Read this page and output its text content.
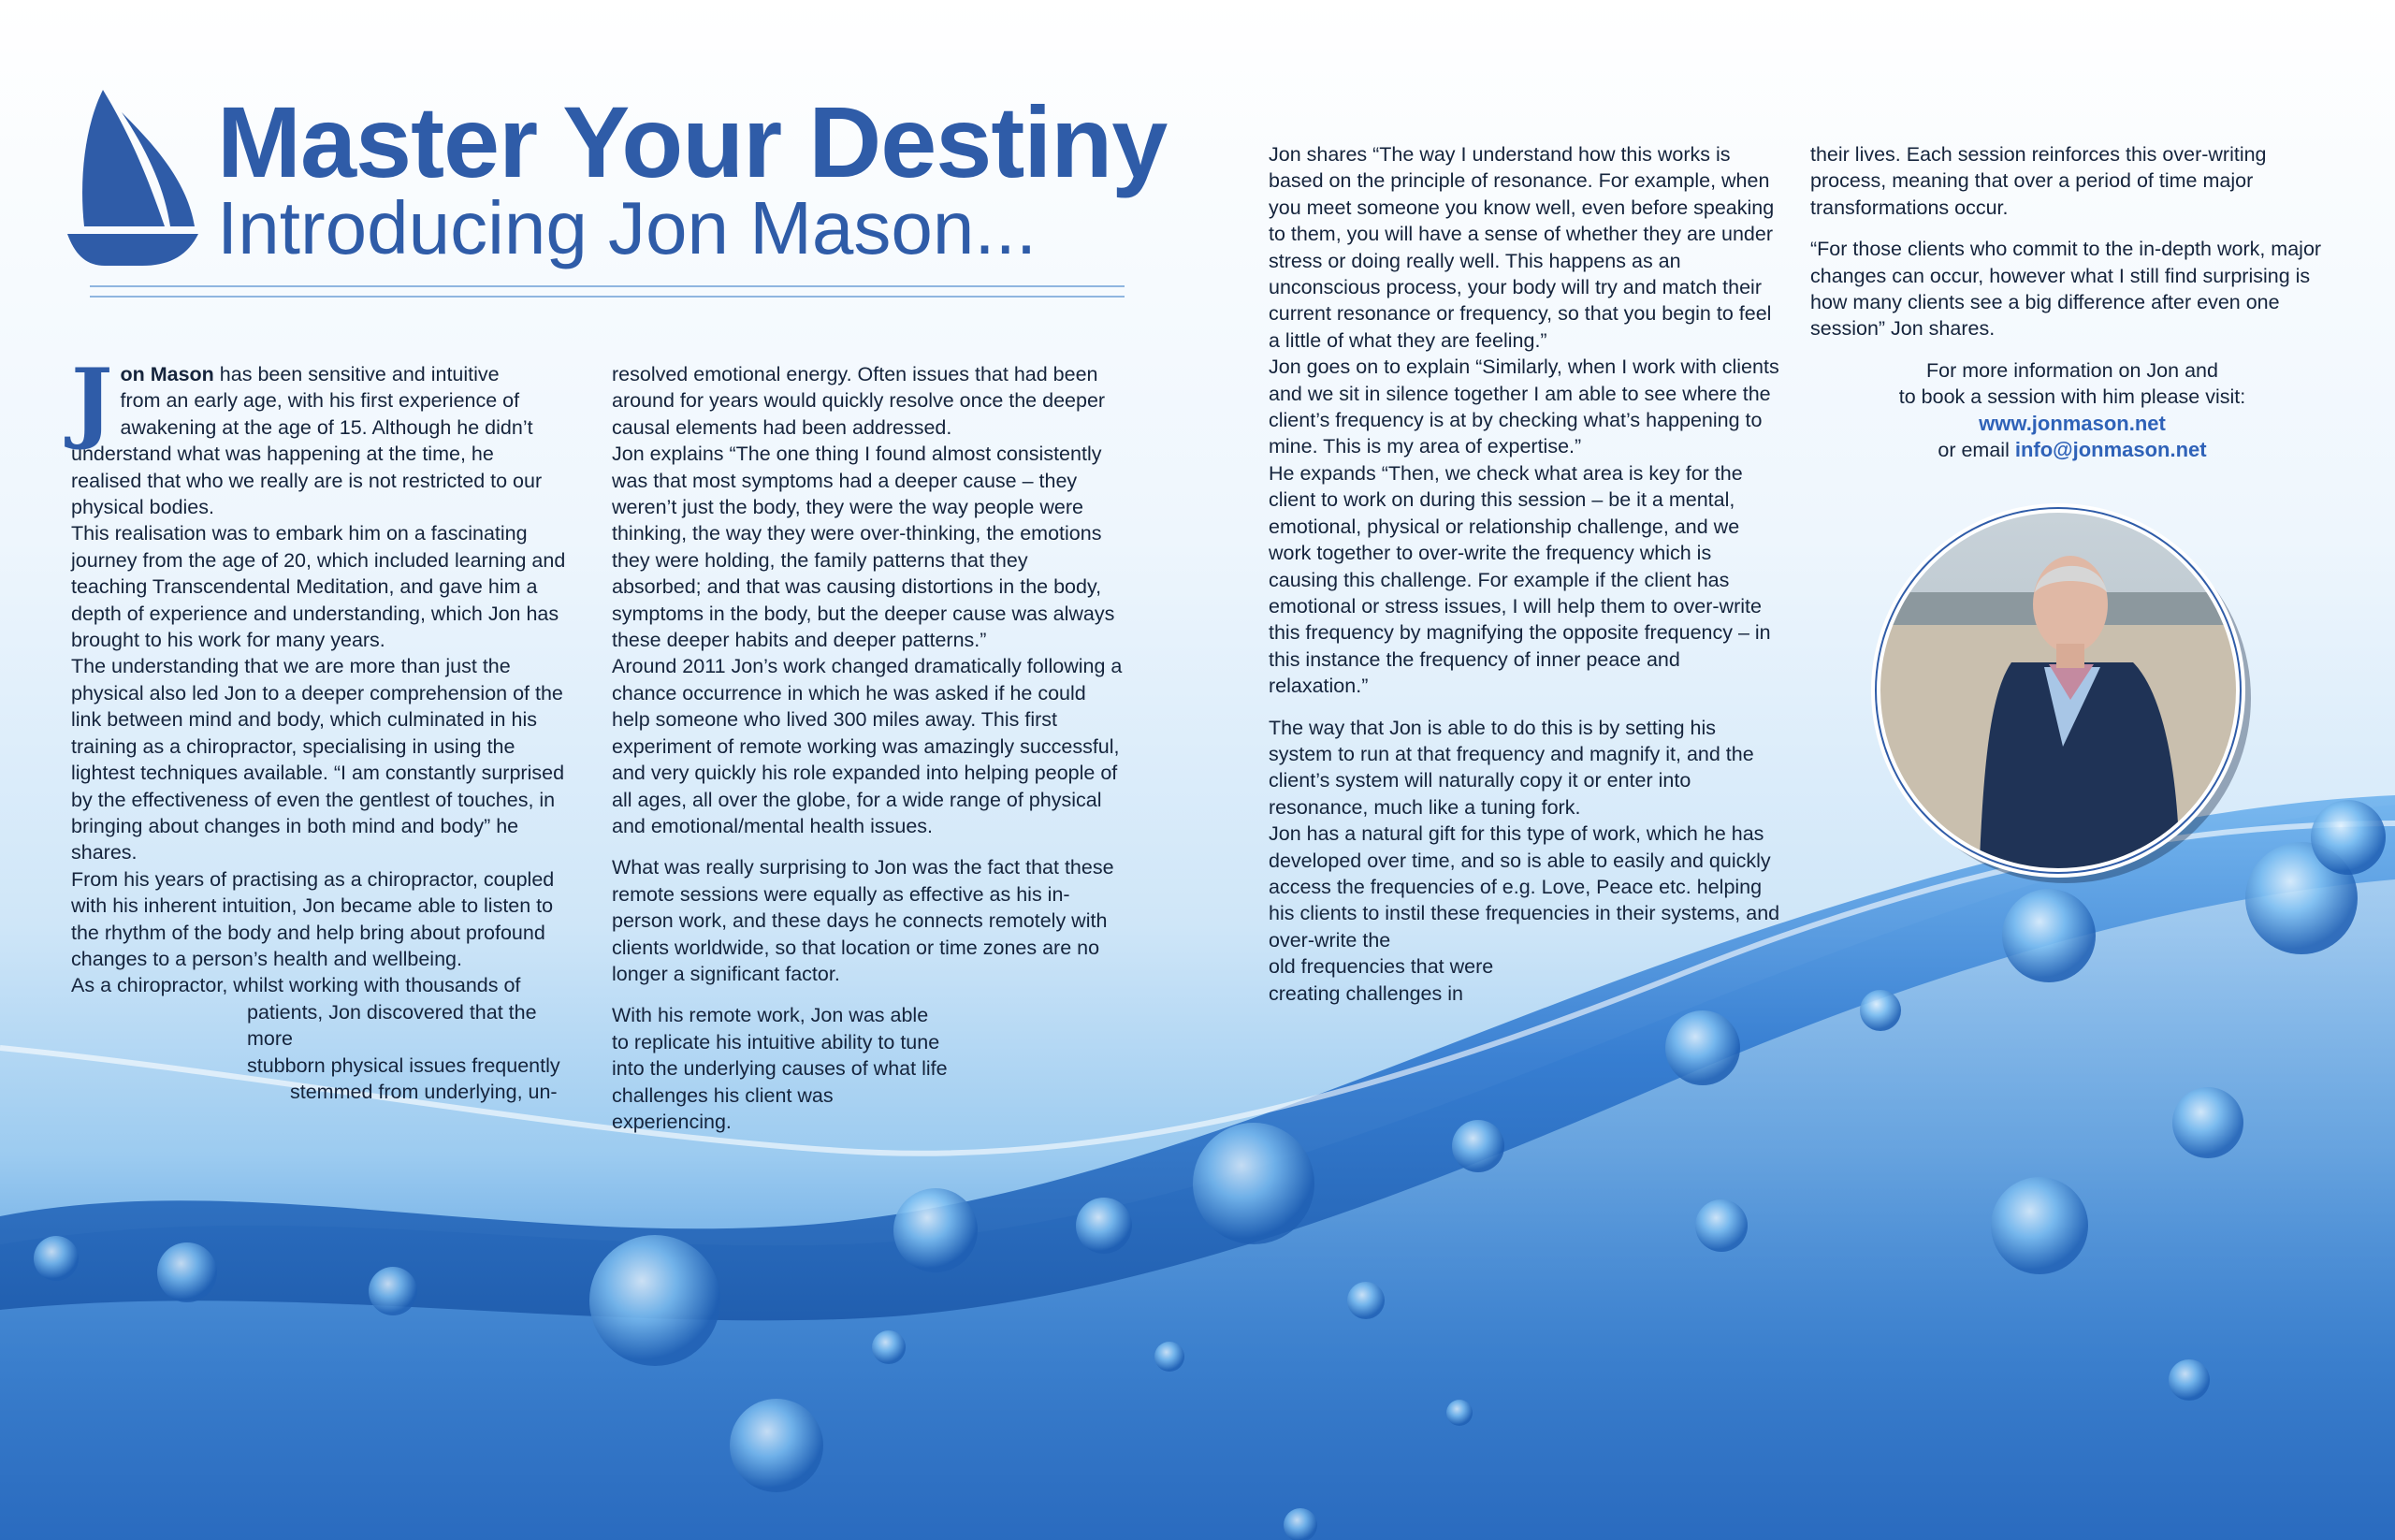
Master Your Destiny
Introducing Jon Mason...
J on Mason has been sensitive and intuitive

from an early age, with his first experience of

awakening at the age of 15. Although he didn’t

understand what was happening at the time, he

realised that who we really are is not restricted to our

physical bodies.

This realisation was to embark him on a fascinating journey from the age of 20, which included learning and teaching Transcendental Meditation, and gave him a depth of experience and understanding, which Jon has brought to his work for many years.

The understanding that we are more than just the physical also led Jon to a deeper comprehension of the link between mind and body, which culminated in his training as a chiropractor, specialising in using the lightest techniques available. “I am constantly surprised by the effectiveness of even the gentlest of touches, in bringing about changes in both mind and body” he shares.

From his years of practising as a chiropractor, coupled with his inherent intuition, Jon became able to listen to the rhythm of the body and help bring about profound changes to a person’s health and wellbeing.

As a chiropractor, whilst working with thousands of

patients, Jon discovered that the more

stubborn physical issues frequently

stemmed from underlying, un-

resolved emotional energy. Often issues that had been around for years would quickly resolve once the deeper causal elements had been addressed.

Jon explains “The one thing I found almost consistently was that most symptoms had a deeper cause – they weren’t just the body, they were the way people were thinking, the way they were over-thinking, the emotions they were holding, the family patterns that they absorbed; and that was causing distortions in the body, symptoms in the body, but the deeper cause was always these deeper habits and deeper patterns.”

Around 2011 Jon’s work changed dramatically following a chance occurrence in which he was asked if he could help someone who lived 300 miles away. This first experiment of remote working was amazingly successful, and very quickly his role expanded into helping people of all ages, all over the globe, for a wide range of physical and emotional/mental health issues.

What was really surprising to Jon was the fact that these remote sessions were equally as effective as his in-person work, and these days he connects remotely with clients worldwide, so that location or time zones are no longer a significant factor.

With his remote work, Jon was able to replicate his intuitive ability to tune into the underlying causes of what life challenges his client was experiencing.

Jon shares “The way I understand how this works is based on the principle of resonance. For example, when you meet someone you know well, even before speaking to them, you will have a sense of whether they are under stress or doing really well. This happens as an unconscious process, your body will try and match their current resonance or frequency, so that you begin to feel a little of what they are feeling.”

Jon goes on to explain “Similarly, when I work with clients and we sit in silence together I am able to see where the client’s frequency is at by checking what’s happening to mine. This is my area of expertise.”

He expands “Then, we check what area is key for the client to work on during this session – be it a mental, emotional, physical or relationship challenge, and we work together to over-write the frequency which is causing this challenge. For example if the client has emotional or stress issues, I will help them to over-write this frequency by magnifying the opposite frequency – in this instance the frequency of inner peace and relaxation.”

The way that Jon is able to do this is by setting his system to run at that frequency and magnify it, and the client’s system will naturally copy it or enter into resonance, much like a tuning fork.

Jon has a natural gift for this type of work, which he has developed over time, and so is able to easily and quickly access the frequencies of e.g. Love, Peace etc. helping his clients to instil these frequencies in their systems, and over-write the

old frequencies that were

creating challenges in

their lives. Each session reinforces this over-writing process, meaning that over a period of time major transformations occur.

“For those clients who commit to the in-depth work, major changes can occur, however what I still find surprising is how many clients see a big difference after even one session” Jon shares.

For more information on Jon and
to book a session with him please visit:
www.jonmason.net
or email info@jonmason.net
